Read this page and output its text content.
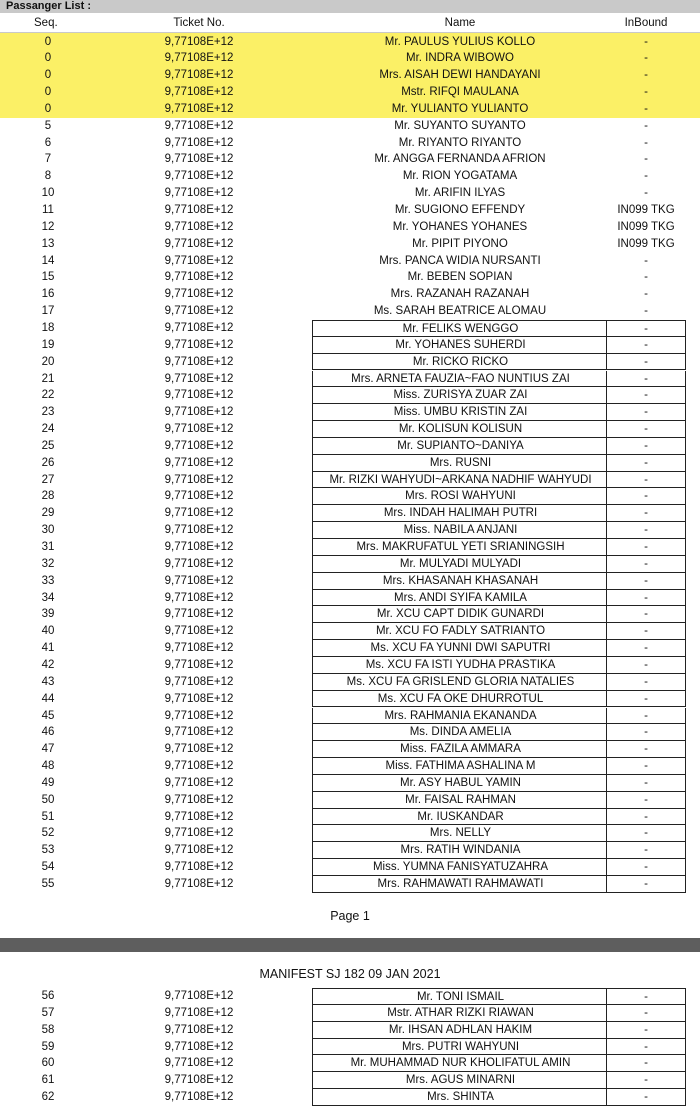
Passanger List :
Seq.	Ticket No.	Name	InBound
0	9,77108E+12	Mr. PAULUS YULIUS KOLLO	-
0	9,77108E+12	Mr. INDRA WIBOWO	-
0	9,77108E+12	Mrs. AISAH DEWI HANDAYANI	-
0	9,77108E+12	Mstr. RIFQI MAULANA	-
0	9,77108E+12	Mr. YULIANTO YULIANTO	-
5	9,77108E+12	Mr. SUYANTO SUYANTO	-
6	9,77108E+12	Mr. RIYANTO RIYANTO	-
7	9,77108E+12	Mr. ANGGA FERNANDA AFRION	-
8	9,77108E+12	Mr. RION YOGATAMA	-
10	9,77108E+12	Mr. ARIFIN ILYAS	-
11	9,77108E+12	Mr. SUGIONO EFFENDY	IN099 TKG
12	9,77108E+12	Mr. YOHANES YOHANES	IN099 TKG
13	9,77108E+12	Mr. PIPIT PIYONO	IN099 TKG
14	9,77108E+12	Mrs. PANCA WIDIA NURSANTI	-
15	9,77108E+12	Mr. BEBEN SOPIAN	-
16	9,77108E+12	Mrs. RAZANAH RAZANAH	-
17	9,77108E+12	Ms. SARAH BEATRICE ALOMAU	-
18	9,77108E+12	Mr. FELIKS WENGGO	-
19	9,77108E+12	Mr. YOHANES SUHERDI	-
20	9,77108E+12	Mr. RICKO RICKO	-
21	9,77108E+12	Mrs. ARNETA FAUZIA~FAO NUNTIUS ZAI	-
22	9,77108E+12	Miss. ZURISYA ZUAR ZAI	-
23	9,77108E+12	Miss. UMBU KRISTIN ZAI	-
24	9,77108E+12	Mr. KOLISUN KOLISUN	-
25	9,77108E+12	Mr. SUPIANTO~DANIYA	-
26	9,77108E+12	Mrs. RUSNI	-
27	9,77108E+12	Mr. RIZKI WAHYUDI~ARKANA NADHIF WAHYUDI	-
28	9,77108E+12	Mrs. ROSI WAHYUNI	-
29	9,77108E+12	Mrs. INDAH HALIMAH PUTRI	-
30	9,77108E+12	Miss. NABILA ANJANI	-
31	9,77108E+12	Mrs. MAKRUFATUL YETI SRIANINGSIH	-
32	9,77108E+12	Mr. MULYADI MULYADI	-
33	9,77108E+12	Mrs. KHASANAH KHASANAH	-
34	9,77108E+12	Mrs. ANDI SYIFA KAMILA	-
39	9,77108E+12	Mr. XCU CAPT DIDIK GUNARDI	-
40	9,77108E+12	Mr. XCU FO FADLY SATRIANTO	-
41	9,77108E+12	Ms. XCU FA YUNNI DWI SAPUTRI	-
42	9,77108E+12	Ms. XCU FA ISTI YUDHA PRASTIKA	-
43	9,77108E+12	Ms. XCU FA GRISLEND GLORIA NATALIES	-
44	9,77108E+12	Ms. XCU FA OKE DHURROTUL	-
45	9,77108E+12	Mrs. RAHMANIA EKANANDA	-
46	9,77108E+12	Ms. DINDA AMELIA	-
47	9,77108E+12	Miss. FAZILA AMMARA	-
48	9,77108E+12	Miss. FATHIMA ASHALINA M	-
49	9,77108E+12	Mr. ASY HABUL YAMIN	-
50	9,77108E+12	Mr. FAISAL RAHMAN	-
51	9,77108E+12	Mr. IUSKANDAR	-
52	9,77108E+12	Mrs. NELLY	-
53	9,77108E+12	Mrs. RATIH WINDANIA	-
54	9,77108E+12	Miss. YUMNA FANISYATUZAHRA	-
55	9,77108E+12	Mrs. RAHMAWATI RAHMAWATI	-
Page 1
MANIFEST SJ 182 09 JAN 2021
56	9,77108E+12	Mr. TONI ISMAIL	-
57	9,77108E+12	Mstr. ATHAR RIZKI RIAWAN	-
58	9,77108E+12	Mr. IHSAN ADHLAN HAKIM	-
59	9,77108E+12	Mrs. PUTRI WAHYUNI	-
60	9,77108E+12	Mr. MUHAMMAD NUR KHOLIFATUL AMIN	-
61	9,77108E+12	Mrs. AGUS MINARNI	-
62	9,77108E+12	Mrs. SHINTA	-
